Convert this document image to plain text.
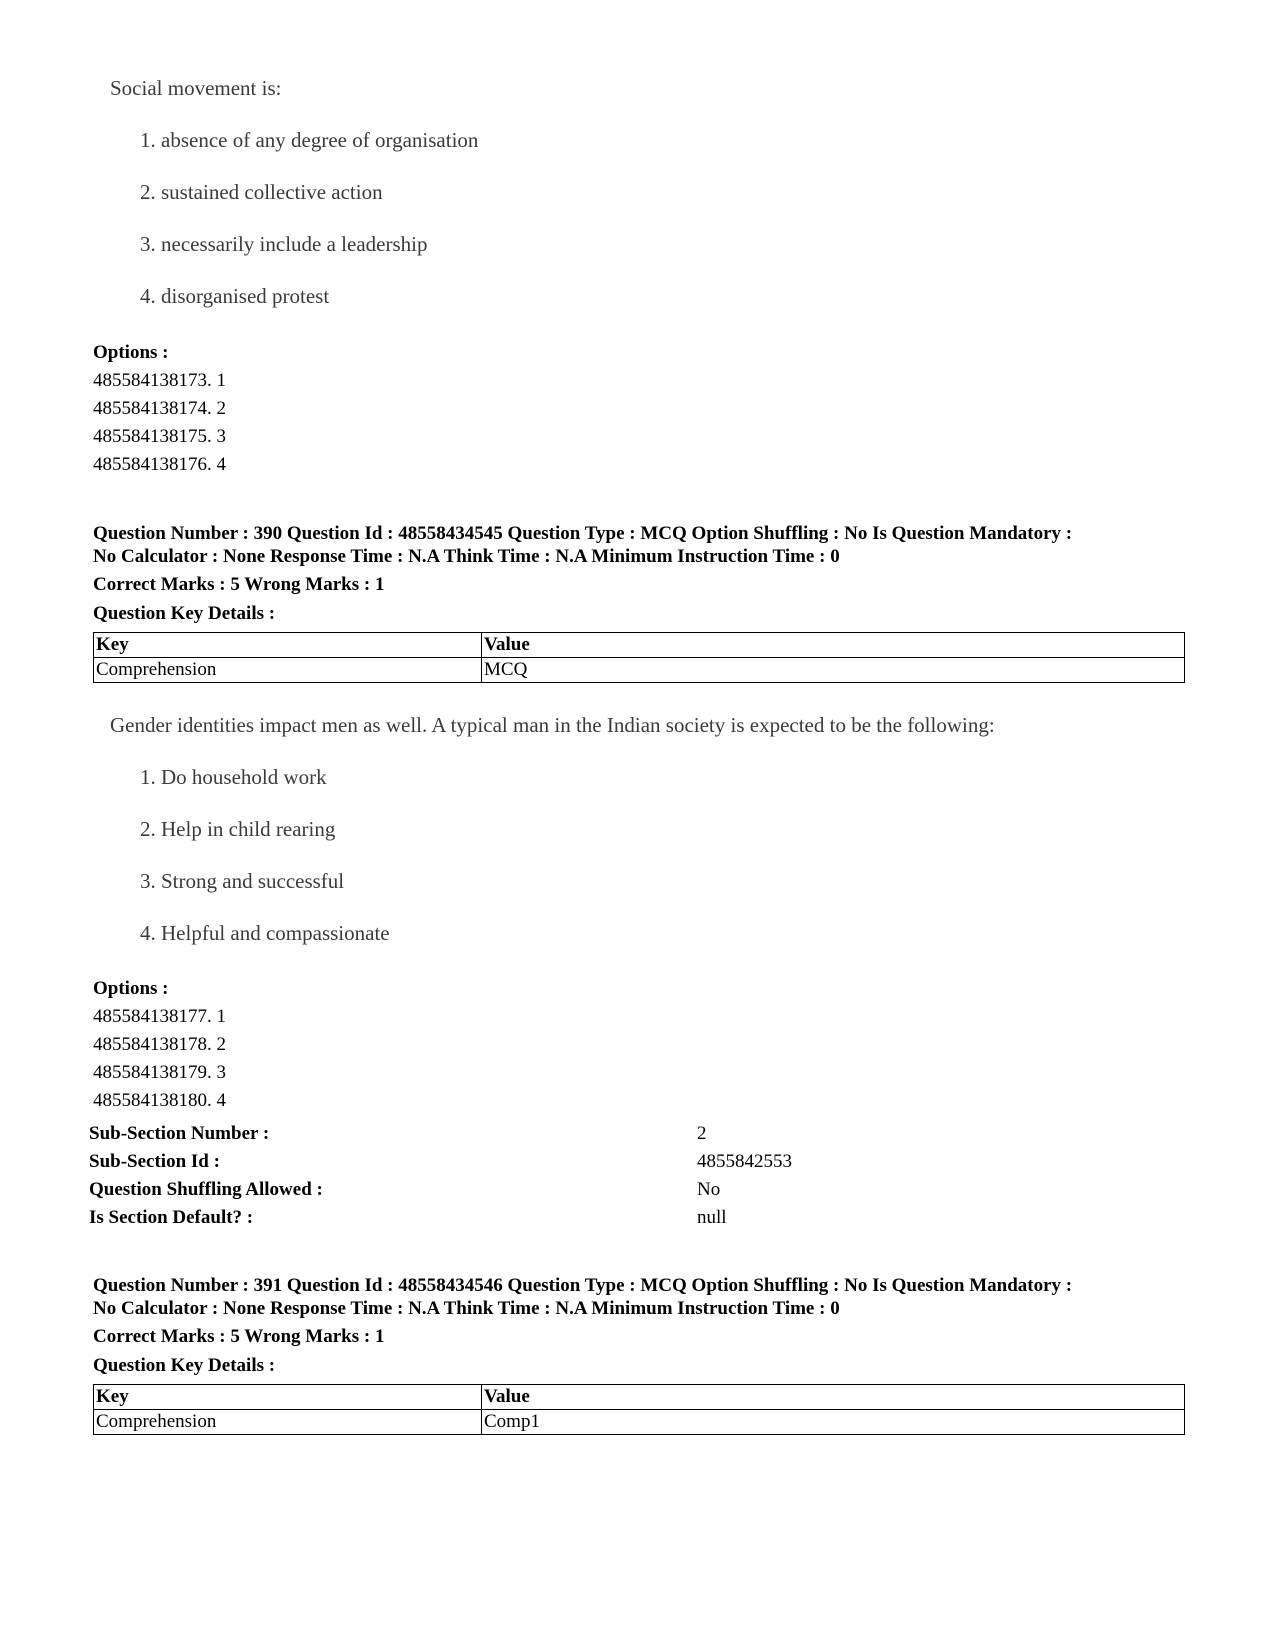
Social movement is:
1. absence of any degree of organisation
2. sustained collective action
3. necessarily include a leadership
4. disorganised protest
Options :
485584138173. 1
485584138174. 2
485584138175. 3
485584138176. 4
Question Number : 390 Question Id : 48558434545 Question Type : MCQ Option Shuffling : No Is Question Mandatory :
No Calculator : None Response Time : N.A Think Time : N.A Minimum Instruction Time : 0
Correct Marks : 5 Wrong Marks : 1
Question Key Details :
Key	Value
Comprehension	MCQ
Gender identities impact men as well. A typical man in the Indian society is expected to be the following:
1. Do household work
2. Help in child rearing
3. Strong and successful
4. Helpful and compassionate
Options :
485584138177. 1
485584138178. 2
485584138179. 3
485584138180. 4
Sub-Section Number :	2
Sub-Section Id :	4855842553
Question Shuffling Allowed :	No
Is Section Default? :	null
Question Number : 391 Question Id : 48558434546 Question Type : MCQ Option Shuffling : No Is Question Mandatory :
No Calculator : None Response Time : N.A Think Time : N.A Minimum Instruction Time : 0
Correct Marks : 5 Wrong Marks : 1
Question Key Details :
Key	Value
Comprehension	Comp1
